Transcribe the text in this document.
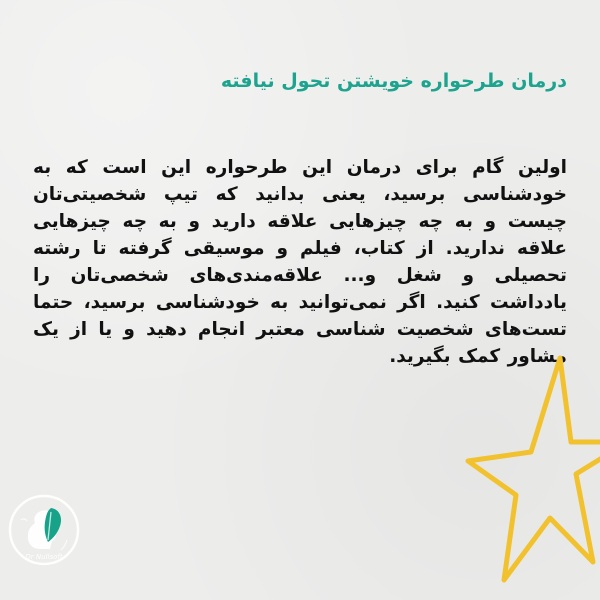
درمان طرحواره خویشتن تحول نیافته

اولین گام برای درمان این طرحواره این است که به خودشناسی برسید، یعنی بدانید که تیپ شخصیتی‌تان چیست و به چه چیزهایی علاقه دارید و به چه چیزهایی علاقه ندارید. از کتاب، فیلم و موسیقی گرفته تا رشته تحصیلی و شغل و... علاقه‌مندی‌های شخصی‌تان را یادداشت کنید. اگر نمی‌توانید به خودشناسی برسید، حتما تست‌های شخصیت شناسی معتبر انجام دهید و یا از یک مشاور کمک بگیرید.

Dr Nullsoft
